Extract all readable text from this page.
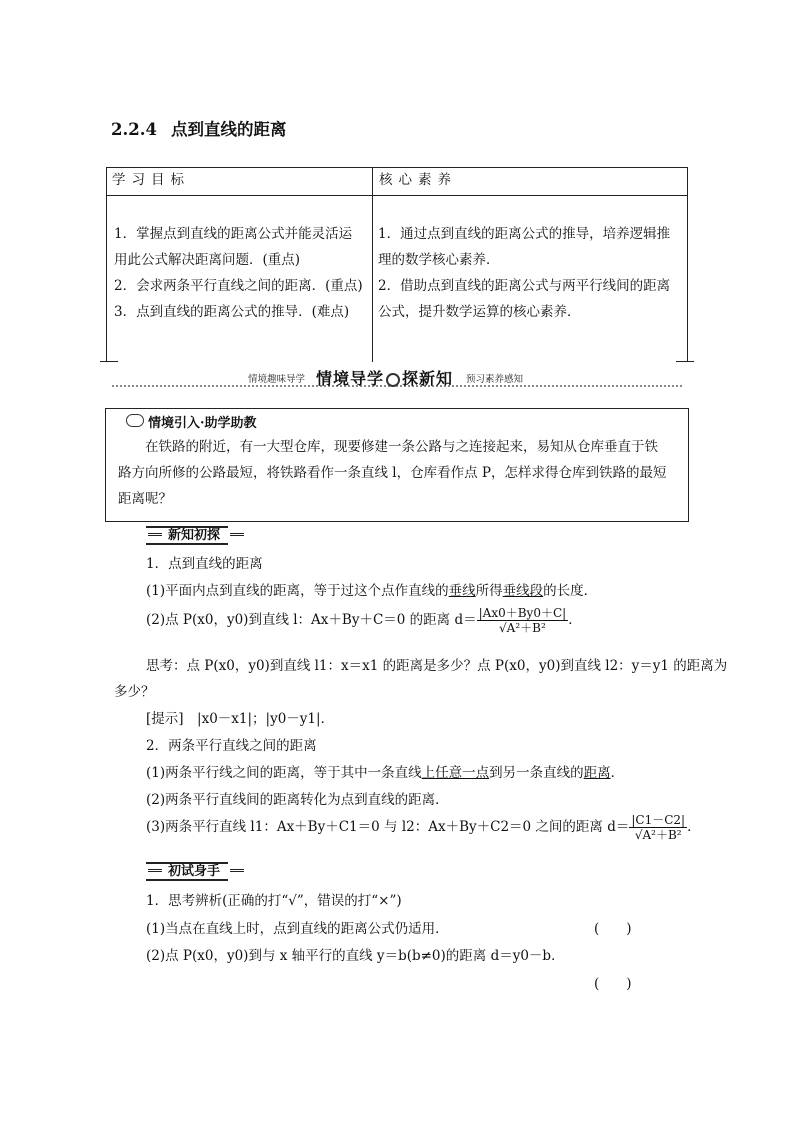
2.2.4 点到直线的距离
学习目标	核心素养
1．掌握点到直线的距离公式并能灵活运
用此公式解决距离问题．(重点)
2．会求两条平行直线之间的距离．(重点)
3．点到直线的距离公式的推导．(难点)
1．通过点到直线的距离公式的推导，培养逻辑推
理的数学核心素养．
2．借助点到直线的距离公式与两平行线间的距离
公式，提升数学运算的核心素养．
情境趣味导学 情境导学 探新知 预习素养感知
情境引入·助学助教
在铁路的附近，有一大型仓库，现要修建一条公路与之连接起来，易知从仓库垂直于铁
路方向所修的公路最短，将铁路看作一条直线 l，仓库看作点 P，怎样求得仓库到铁路的最短
距离呢？
新知初探
1．点到直线的距离
(1)平面内点到直线的距离，等于过这个点作直线的垂线所得垂线段的长度．
(2)点 P(x0，y0)到直线 l：Ax＋By＋C＝0 的距离 $d= \frac{|Ax0+By0+C|}{\text{√A²＋B²}}$ ．
思考：点 P(x0，y0)到直线 l1：x＝x1 的距离是多少？点 P(x0，y0)到直线 l2：y＝y1 的距离为
多少？
[提示]　|x0－x1|；|y0－y1|．
2．两条平行直线之间的距离
(1)两条平行线之间的距离，等于其中一条直线上任意一点到另一条直线的距离．
(2)两条平行直线间的距离转化为点到直线的距离．
(3)两条平行直线 l1：Ax＋By＋C1＝0 与 l2：Ax＋By＋C2＝0 之间的距离 $d= \frac{|C1-C2|}{\text{√A²＋B²}}$ ．
初试身手
1．思考辨析(正确的打“√”，错误的打“×”)
(1)当点在直线上时，点到直线的距离公式仍适用．	(　　)
(2)点 P(x0，y0)到与 x 轴平行的直线 y＝b(b≠0)的距离 d＝y0－b．
(　　)
